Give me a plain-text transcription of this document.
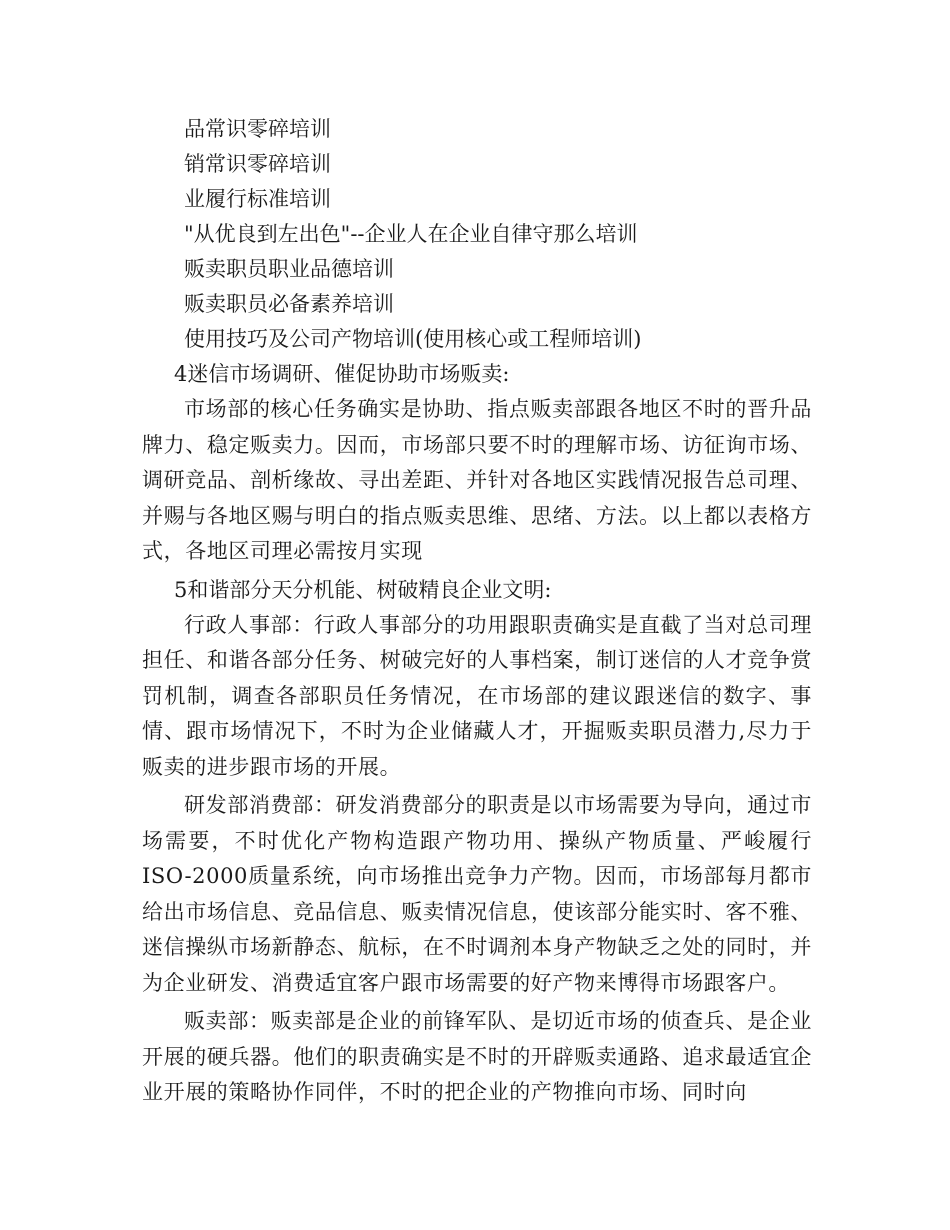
品常识零碎培训
销常识零碎培训
业履行标准培训
"从优良到左出色"--企业人在企业自律守那么培训
贩卖职员职业品德培训
贩卖职员必备素养培训
使用技巧及公司产物培训(使用核心或工程师培训)
4迷信市场调研、催促协助市场贩卖:

市场部的核心任务确实是协助、指点贩卖部跟各地区不时的晋升品牌力、稳定贩卖力。因而，市场部只要不时的理解市场、访征询市场、调研竞品、剖析缘故、寻出差距、并针对各地区实践情况报告总司理、并赐与各地区赐与明白的指点贩卖思维、思绪、方法。以上都以表格方式，各地区司理必需按月实现

5和谐部分天分机能、树破精良企业文明:

行政人事部：行政人事部分的功用跟职责确实是直截了当对总司理担任、和谐各部分任务、树破完好的人事档案，制订迷信的人才竞争赏罚机制，调查各部职员任务情况，在市场部的建议跟迷信的数字、事情、跟市场情况下，不时为企业储藏人才，开掘贩卖职员潜力,尽力于贩卖的进步跟市场的开展。

研发部消费部：研发消费部分的职责是以市场需要为导向，通过市场需要，不时优化产物构造跟产物功用、操纵产物质量、严峻履行ISO-2000质量系统，向市场推出竞争力产物。因而，市场部每月都市给出市场信息、竞品信息、贩卖情况信息，使该部分能实时、客不雅、迷信操纵市场新静态、航标，在不时调剂本身产物缺乏之处的同时，并为企业研发、消费适宜客户跟市场需要的好产物来博得市场跟客户。

贩卖部：贩卖部是企业的前锋军队、是切近市场的侦查兵、是企业开展的硬兵器。他们的职责确实是不时的开辟贩卖通路、追求最适宜企业开展的策略协作同伴，不时的把企业的产物推向市场、同时向
